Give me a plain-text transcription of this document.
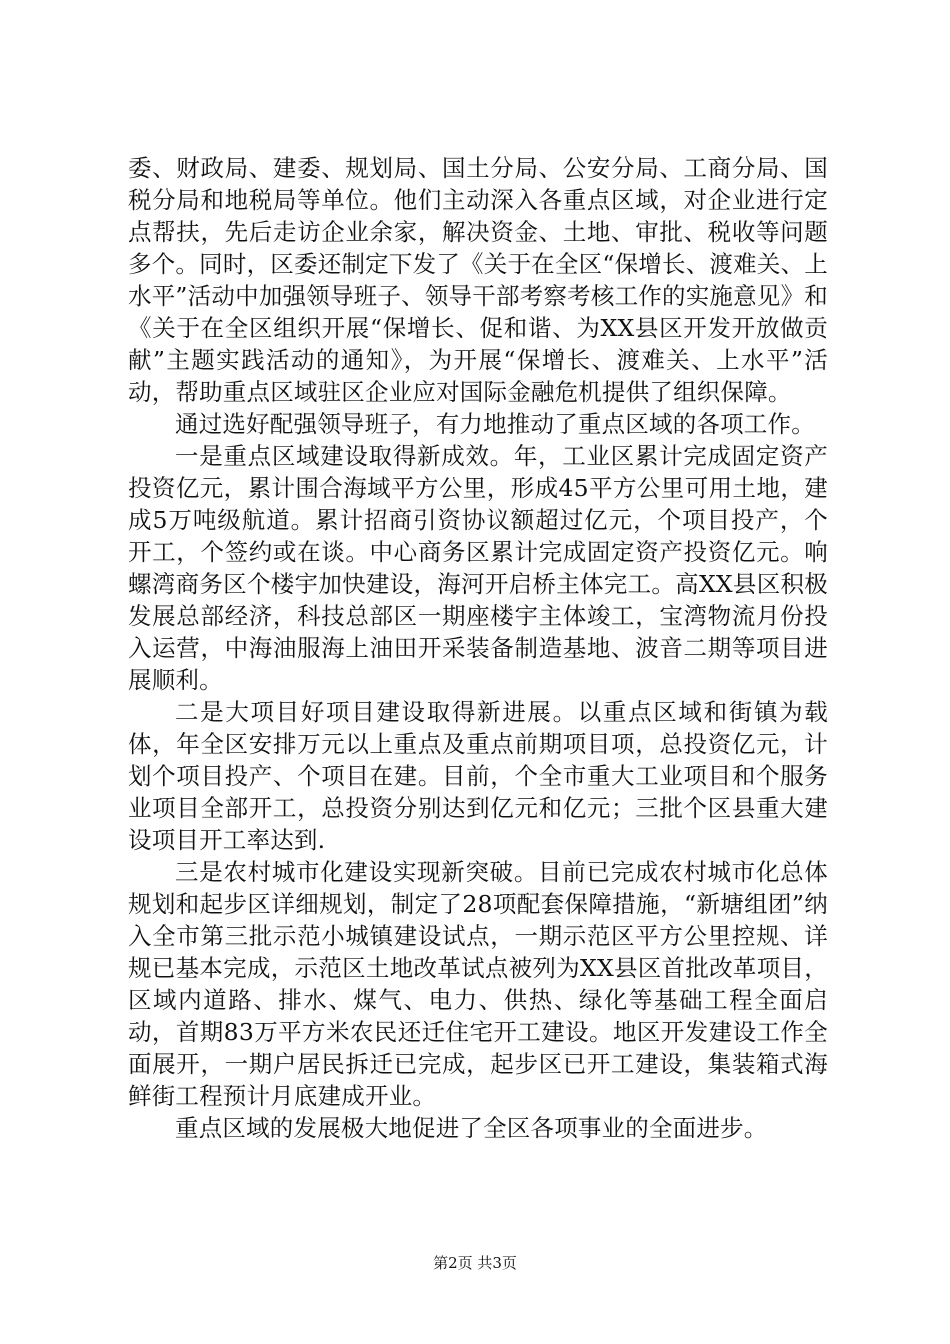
委、财政局、建委、规划局、国土分局、公安分局、工商分局、国税分局和地税局等单位。他们主动深入各重点区域，对企业进行定点帮扶，先后走访企业余家，解决资金、土地、审批、税收等问题多个。同时，区委还制定下发了《关于在全区“保增长、渡难关、上水平”活动中加强领导班子、领导干部考察考核工作的实施意见》和《关于在全区组织开展“保增长、促和谐、为XX县区开发开放做贡献”主题实践活动的通知》，为开展“保增长、渡难关、上水平”活动，帮助重点区域驻区企业应对国际金融危机提供了组织保障。

通过选好配强领导班子，有力地推动了重点区域的各项工作。

一是重点区域建设取得新成效。年，工业区累计完成固定资产投资亿元，累计围合海域平方公里，形成45平方公里可用土地，建成5万吨级航道。累计招商引资协议额超过亿元，个项目投产，个开工，个签约或在谈。中心商务区累计完成固定资产投资亿元。响螺湾商务区个楼宇加快建设，海河开启桥主体完工。高XX县区积极发展总部经济，科技总部区一期座楼宇主体竣工，宝湾物流月份投入运营，中海油服海上油田开采装备制造基地、波音二期等项目进展顺利。

二是大项目好项目建设取得新进展。以重点区域和街镇为载体，年全区安排万元以上重点及重点前期项目项，总投资亿元，计划个项目投产、个项目在建。目前，个全市重大工业项目和个服务业项目全部开工，总投资分别达到亿元和亿元；三批个区县重大建设项目开工率达到.

三是农村城市化建设实现新突破。目前已完成农村城市化总体规划和起步区详细规划，制定了28项配套保障措施，“新塘组团”纳入全市第三批示范小城镇建设试点，一期示范区平方公里控规、详规已基本完成，示范区土地改革试点被列为XX县区首批改革项目，区域内道路、排水、煤气、电力、供热、绿化等基础工程全面启动，首期83万平方米农民还迁住宅开工建设。地区开发建设工作全面展开，一期户居民拆迁已完成，起步区已开工建设，集装箱式海鲜街工程预计月底建成开业。

重点区域的发展极大地促进了全区各项事业的全面进步。

第2页 共3页
